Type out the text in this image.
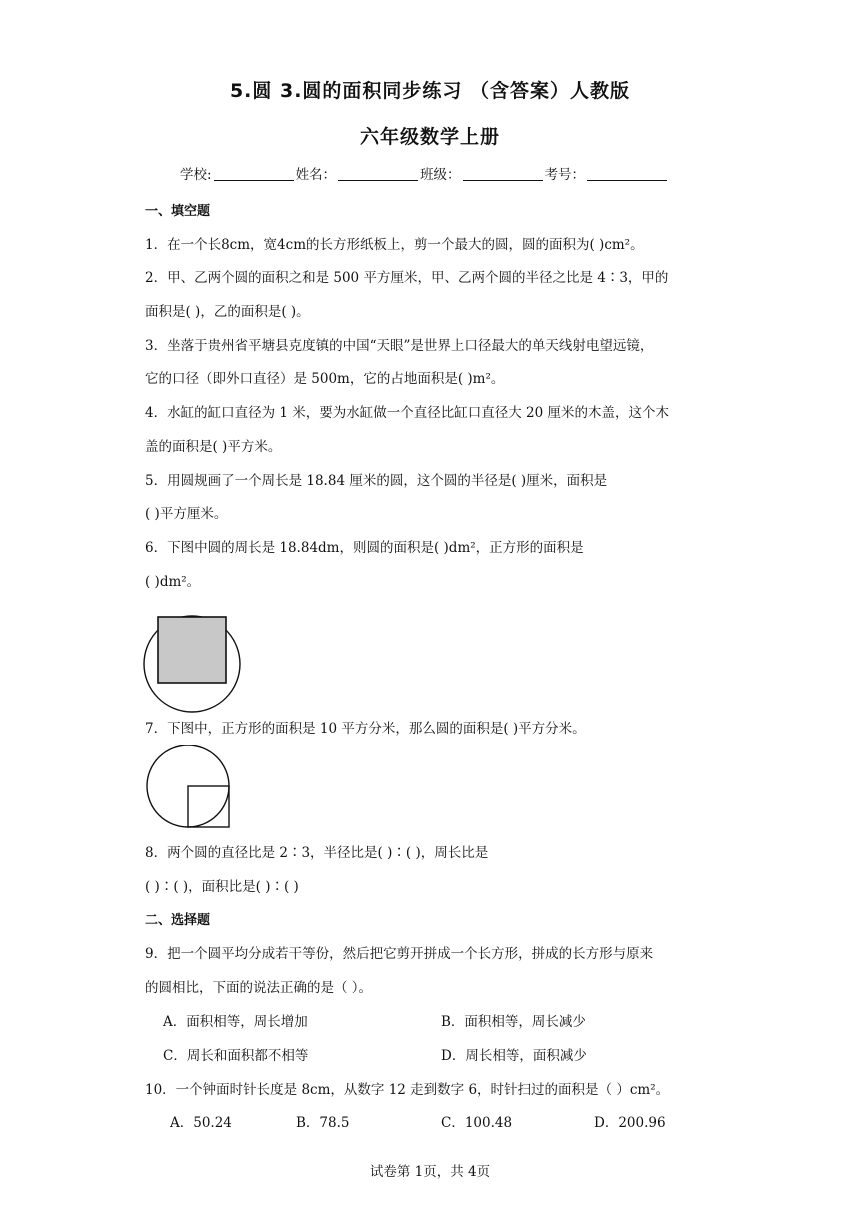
5.圆 3.圆的面积同步练习 （含答案）人教版
六年级数学上册
学校:	姓名：	班级：	考号：
一、填空题
1．在一个长8cm，宽4cm的长方形纸板上，剪一个最大的圆，圆的面积为( )cm²。
2．甲、乙两个圆的面积之和是 500 平方厘米，甲、乙两个圆的半径之比是 4∶3，甲的
面积是( )，乙的面积是( )。
3．坐落于贵州省平塘县克度镇的中国“天眼”是世界上口径最大的单天线射电望远镜，
它的口径（即外口直径）是 500m，它的占地面积是( )m²。
4．水缸的缸口直径为 1 米，要为水缸做一个直径比缸口直径大 20 厘米的木盖，这个木
盖的面积是( )平方米。
5．用圆规画了一个周长是 18.84 厘米的圆，这个圆的半径是( )厘米，面积是
( )平方厘米。
6．下图中圆的周长是 18.84dm，则圆的面积是( )dm²，正方形的面积是
( )dm²。
7．下图中，正方形的面积是 10 平方分米，那么圆的面积是( )平方分米。
8．两个圆的直径比是 2∶3，半径比是( )∶( )，周长比是
( )∶( )，面积比是( )∶( )
二、选择题
9．把一个圆平均分成若干等份，然后把它剪开拼成一个长方形，拼成的长方形与原来
的圆相比，下面的说法正确的是（ ）。
A．面积相等，周长增加	B．面积相等，周长减少
C．周长和面积都不相等	D．周长相等，面积减少
10．一个钟面时针长度是 8cm，从数字 12 走到数字 6，时针扫过的面积是（ ）cm²。
A．50.24	B．78.5	C．100.48	D．200.96
试卷第 1页，共 4页
